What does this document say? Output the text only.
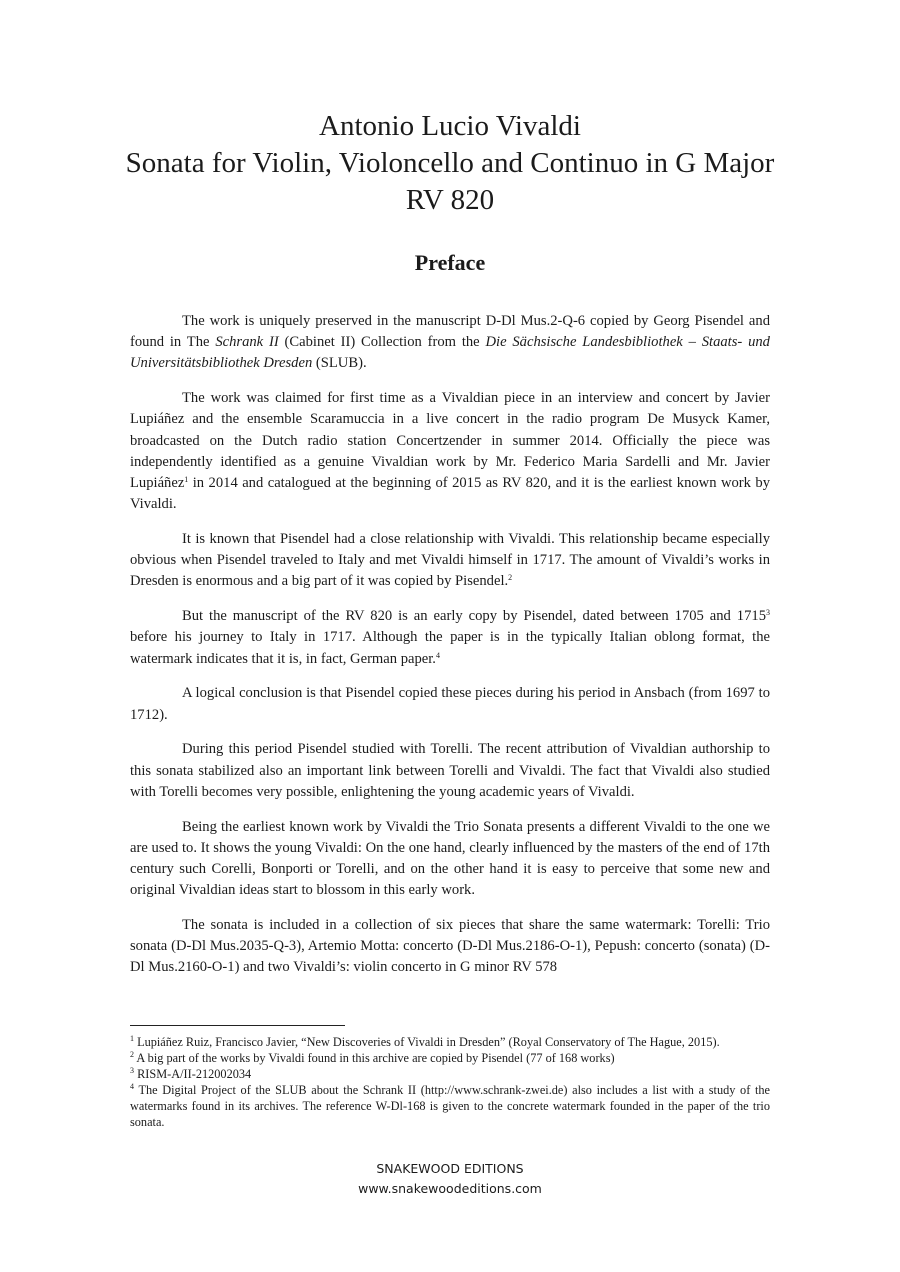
Antonio Lucio Vivaldi
Sonata for Violin, Violoncello and Continuo in G Major
RV 820
Preface

The work is uniquely preserved in the manuscript D-Dl Mus.2-Q-6 copied by Georg Pisendel and found in The Schrank II (Cabinet II) Collection from the Die Sächsische Landesbibliothek – Staats- und Universitätsbibliothek Dresden (SLUB).

The work was claimed for first time as a Vivaldian piece in an interview and concert by Javier Lupiáñez and the ensemble Scaramuccia in a live concert in the radio program De Musyck Kamer, broadcasted on the Dutch radio station Concertzender in summer 2014. Officially the piece was independently identified as a genuine Vivaldian work by Mr. Federico Maria Sardelli and Mr. Javier Lupiáñez$^1$ in 2014 and catalogued at the beginning of 2015 as RV 820, and it is the earliest known work by Vivaldi.

It is known that Pisendel had a close relationship with Vivaldi. This relationship became especially obvious when Pisendel traveled to Italy and met Vivaldi himself in 1717. The amount of Vivaldi’s works in Dresden is enormous and a big part of it was copied by Pisendel.$^2$

But the manuscript of the RV 820 is an early copy by Pisendel, dated between 1705 and 1715$^3$ before his journey to Italy in 1717. Although the paper is in the typically Italian oblong format, the watermark indicates that it is, in fact, German paper.$^4$

A logical conclusion is that Pisendel copied these pieces during his period in Ansbach (from 1697 to 1712).

During this period Pisendel studied with Torelli. The recent attribution of Vivaldian authorship to this sonata stabilized also an important link between Torelli and Vivaldi. The fact that Vivaldi also studied with Torelli becomes very possible, enlightening the young academic years of Vivaldi.

Being the earliest known work by Vivaldi the Trio Sonata presents a different Vivaldi to the one we are used to. It shows the young Vivaldi: On the one hand, clearly influenced by the masters of the end of 17th century such Corelli, Bonporti or Torelli, and on the other hand it is easy to perceive that some new and original Vivaldian ideas start to blossom in this early work.

The sonata is included in a collection of six pieces that share the same watermark: Torelli: Trio sonata (D-Dl Mus.2035-Q-3), Artemio Motta: concerto (D-Dl Mus.2186-O-1), Pepush: concerto (sonata) (D-Dl Mus.2160-O-1) and two Vivaldi’s: violin concerto in G minor RV 578

$^1$ Lupiáñez Ruiz, Francisco Javier, “New Discoveries of Vivaldi in Dresden” (Royal Conservatory of The Hague, 2015).
$^2$ A big part of the works by Vivaldi found in this archive are copied by Pisendel (77 of 168 works)
$^3$ RISM-A/II-212002034
$^4$ The Digital Project of the SLUB about the Schrank II (http://www.schrank-zwei.de) also includes a list with a study of the watermarks found in its archives. The reference W-Dl-168 is given to the concrete watermark founded in the paper of the trio sonata.
SNAKEWOOD EDITIONS
www.snakewoodeditions.com
